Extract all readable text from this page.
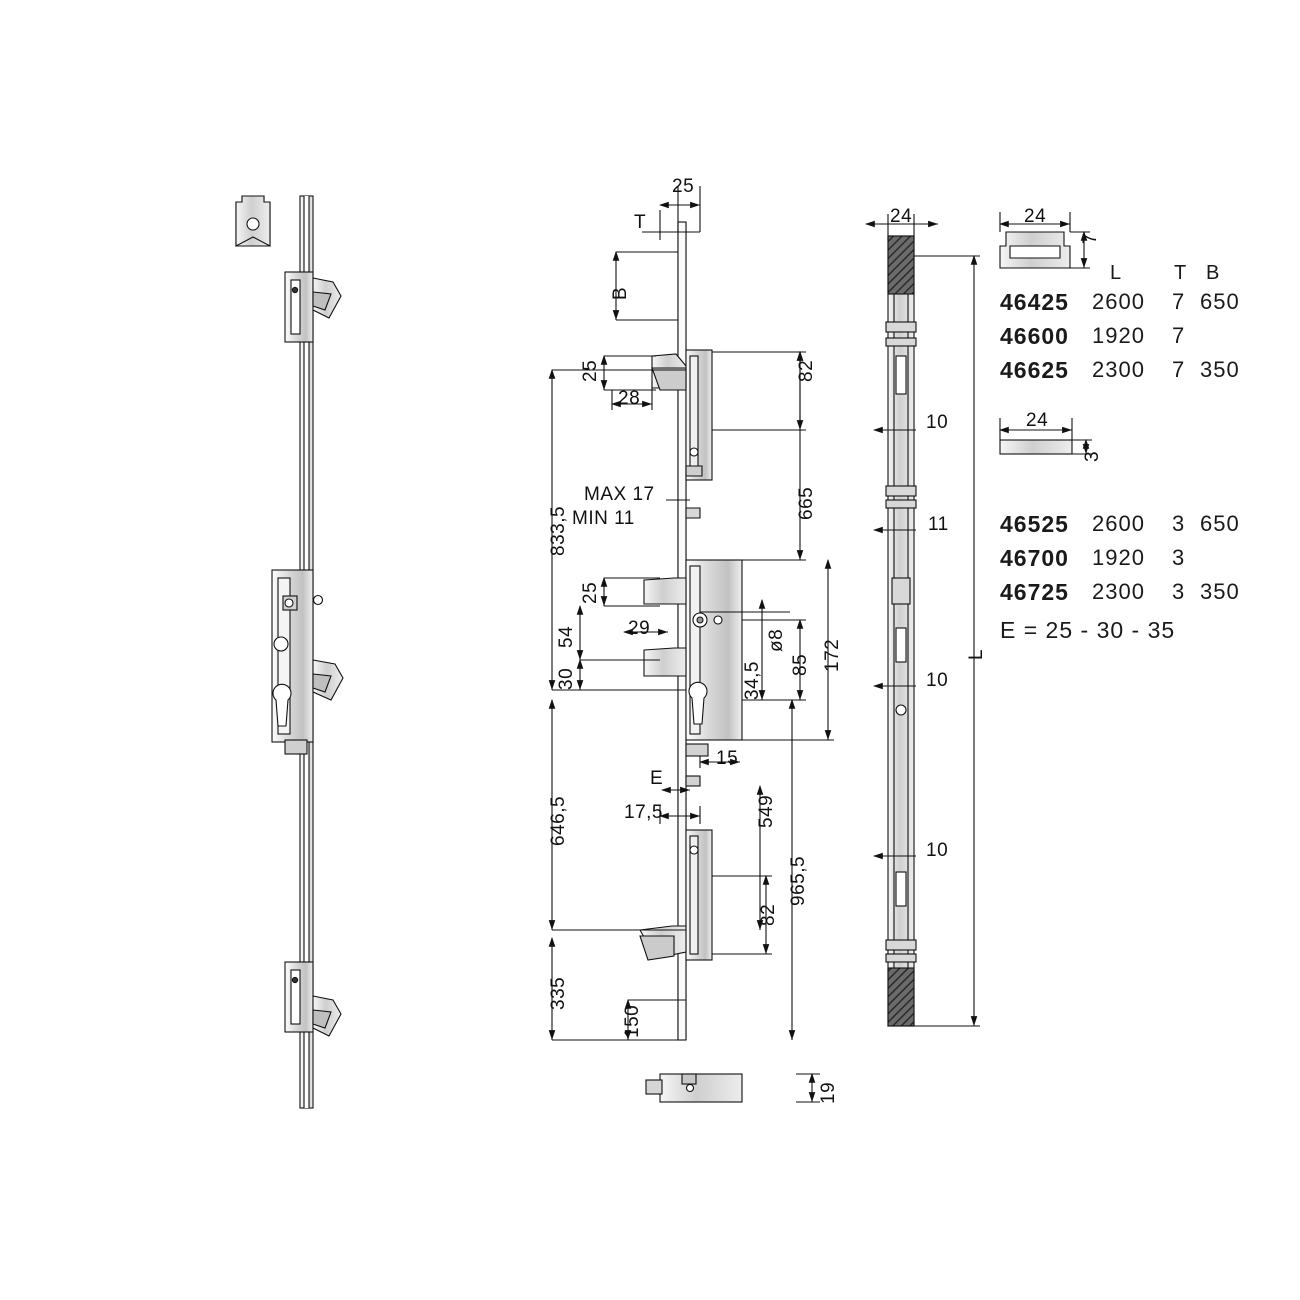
25
T
B
25
28
82
665
833,5
MAX 17
MIN 11
25
54	29
30	34,5
ø8
85 172
15
E
17,5	549
646,5
965,5
82
335
150
19
24
10
11
10
10
L
24
7
24
3
L	T B
46425 2600 7 650
46600 1920 7
46625 2300 7 350
46525 2600 3 650
46700 1920 3
46725 2300 3 350
E = 25 - 30 - 35
